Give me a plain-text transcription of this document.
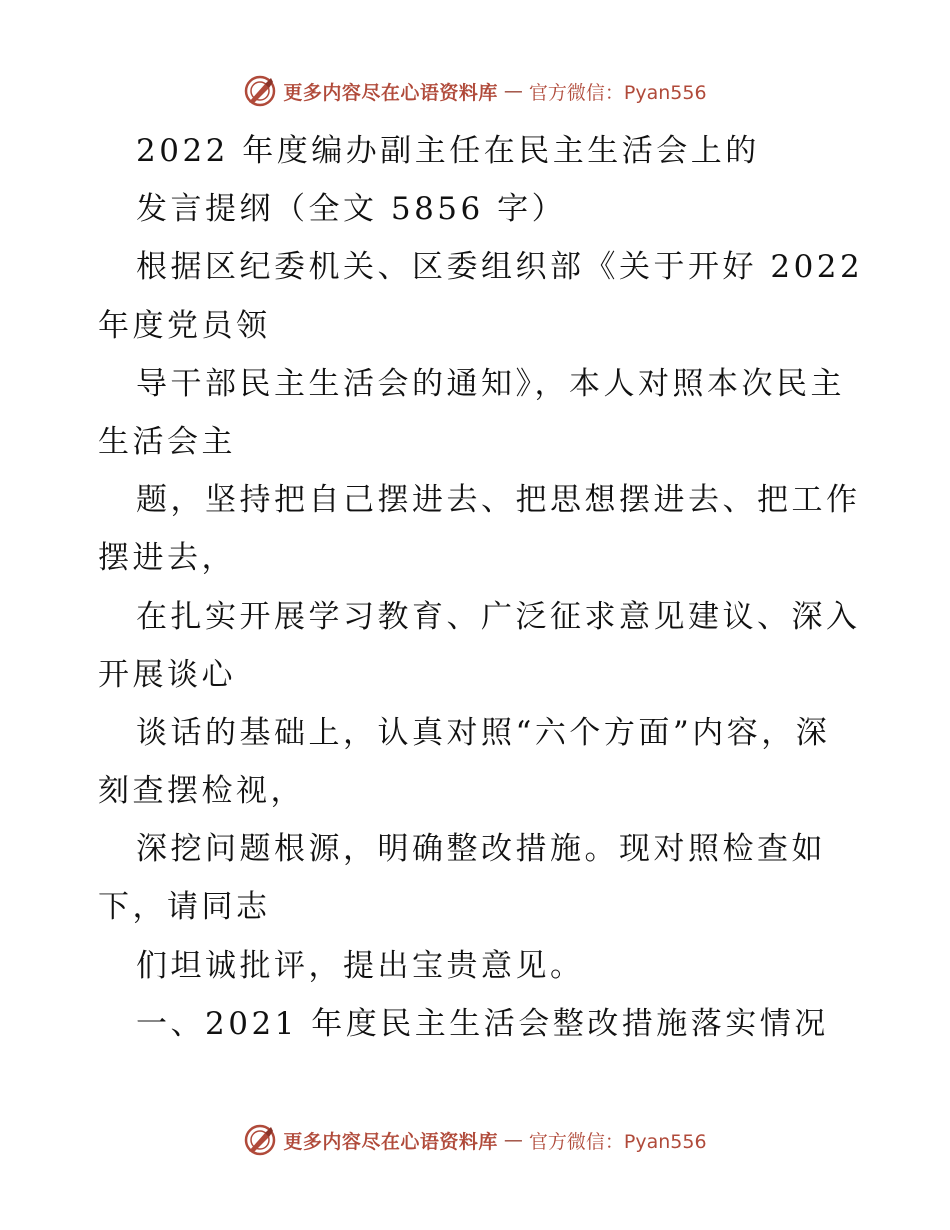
更多内容尽在心语资料库 — 官方微信：Pyan556
2022 年度编办副主任在民主生活会上的
发言提纲（全文 5856 字）
根据区纪委机关、区委组织部《关于开好 2022
年度党员领
导干部民主生活会的通知》，本人对照本次民主
生活会主
题，坚持把自己摆进去、把思想摆进去、把工作
摆进去，
在扎实开展学习教育、广泛征求意见建议、深入
开展谈心
谈话的基础上，认真对照“六个方面”内容，深
刻查摆检视，
深挖问题根源，明确整改措施。现对照检查如
下，请同志
们坦诚批评，提出宝贵意见。
一、2021 年度民主生活会整改措施落实情况
更多内容尽在心语资料库 — 官方微信：Pyan556
